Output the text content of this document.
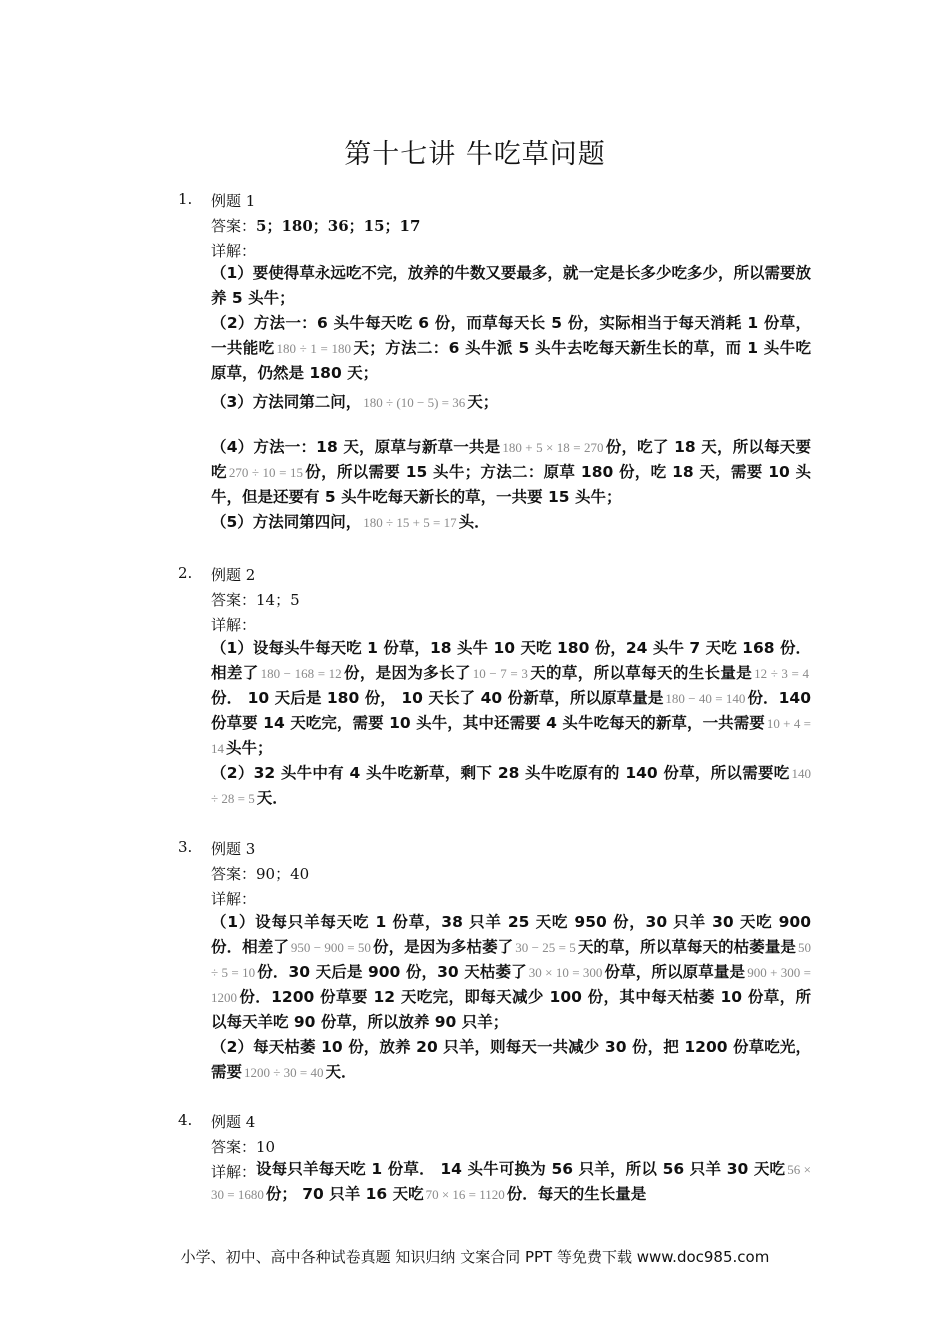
第十七讲 牛吃草问题
1. 例题 1
答案：5；180；36；15；17
详解：

（1）要使得草永远吃不完，放养的牛数又要最多，就一定是长多少吃多少，所以需要放养 5 头牛；

（2）方法一：6 头牛每天吃 6 份，而草每天长 5 份，实际相当于每天消耗 1 份草，一共能吃 180 ÷ 1 = 180 天；方法二：6 头牛派 5 头牛去吃每天新生长的草，而 1 头牛吃原草，仍然是 180 天；

（3）方法同第二问， 180 ÷ (10 − 5) = 36 天；

（4）方法一：18 天，原草与新草一共是 180 + 5 × 18 = 270 份，吃了 18 天，所以每天要吃 270 ÷ 10 = 15 份，所以需要 15 头牛；方法二：原草 180 份，吃 18 天，需要 10 头牛，但是还要有 5 头牛吃每天新长的草，一共要 15 头牛；

（5）方法同第四问， 180 ÷ 15 + 5 = 17 头．

2. 例题 2
答案：14；5
详解：

（1）设每头牛每天吃 1 份草，18 头牛 10 天吃 180 份，24 头牛 7 天吃 168 份．相差了 180 − 168 = 12 份，是因为多长了 10 − 7 = 3 天的草，所以草每天的生长量是 12 ÷ 3 = 4份． 10 天后是 180 份， 10 天长了 40 份新草，所以原草量是 180 − 40 = 140 份．140 份草要 14 天吃完，需要 10 头牛，其中还需要 4 头牛吃每天的新草，一共需要 10 + 4 = 14 头牛；

（2）32 头牛中有 4 头牛吃新草，剩下 28 头牛吃原有的 140 份草，所以需要吃 140 ÷ 28 = 5 天．

3. 例题 3
答案：90；40
详解：

（1）设每只羊每天吃 1 份草，38 只羊 25 天吃 950 份，30 只羊 30 天吃 900 份．相差了 950 − 900 = 50 份，是因为多枯萎了 30 − 25 = 5 天的草，所以草每天的枯萎量是 50 ÷ 5 = 10 份．30 天后是 900 份，30 天枯萎了 30 × 10 = 300 份草，所以原草量是 900 + 300 = 1200 份．1200 份草要 12 天吃完，即每天减少 100 份，其中每天枯萎 10 份草，所以每天羊吃 90 份草，所以放养 90 只羊；

（2）每天枯萎 10 份，放养 20 只羊，则每天一共减少 30 份，把 1200 份草吃光，需要 1200 ÷ 30 = 40 天．

4. 例题 4
答案：10
详解： 设每只羊每天吃 1 份草． 14 头牛可换为 56 只羊，所以 56 只羊 30 天吃 56 × 30 = 1680 份； 70 只羊 16 天吃 70 × 16 = 1120 份．每天的生长量是

小学、初中、高中各种试卷真题 知识归纳 文案合同 PPT 等免费下载 www.doc985.com
